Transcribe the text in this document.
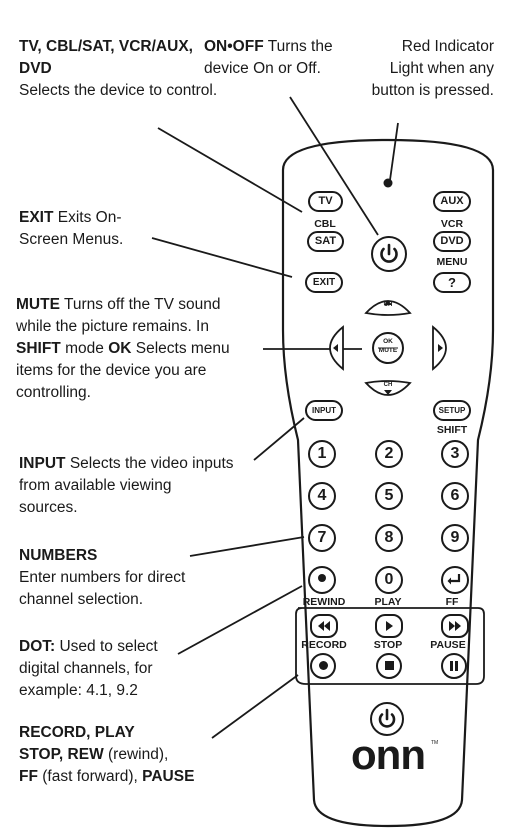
TV, CBL/SAT, VCR/AUX, DVD
Selects the device to control.
ON•OFF Turns the device On or Off.
Red Indicator Light when any button is pressed.
EXIT Exits On-Screen Menus.
MUTE Turns off the TV sound while the picture remains. In SHIFT mode OK Selects menu items for the device you are controlling.
INPUT Selects the video inputs from available viewing sources.
NUMBERS
Enter numbers for direct channel selection.
DOT: Used to select digital channels, for example: 4.1, 9.2
RECORD, PLAY
STOP, REW (rewind),
FF (fast forward), PAUSE
TV
CBL
SAT
EXIT
AUX
VCR
DVD
MENU
?
OK
MUTE
CH
CH
INPUT	SETUP
SHIFT
1	2	3
4	5	6
7	8	9
0
REWIND	PLAY	FF
RECORD	STOP	PAUSE
onn	TM
